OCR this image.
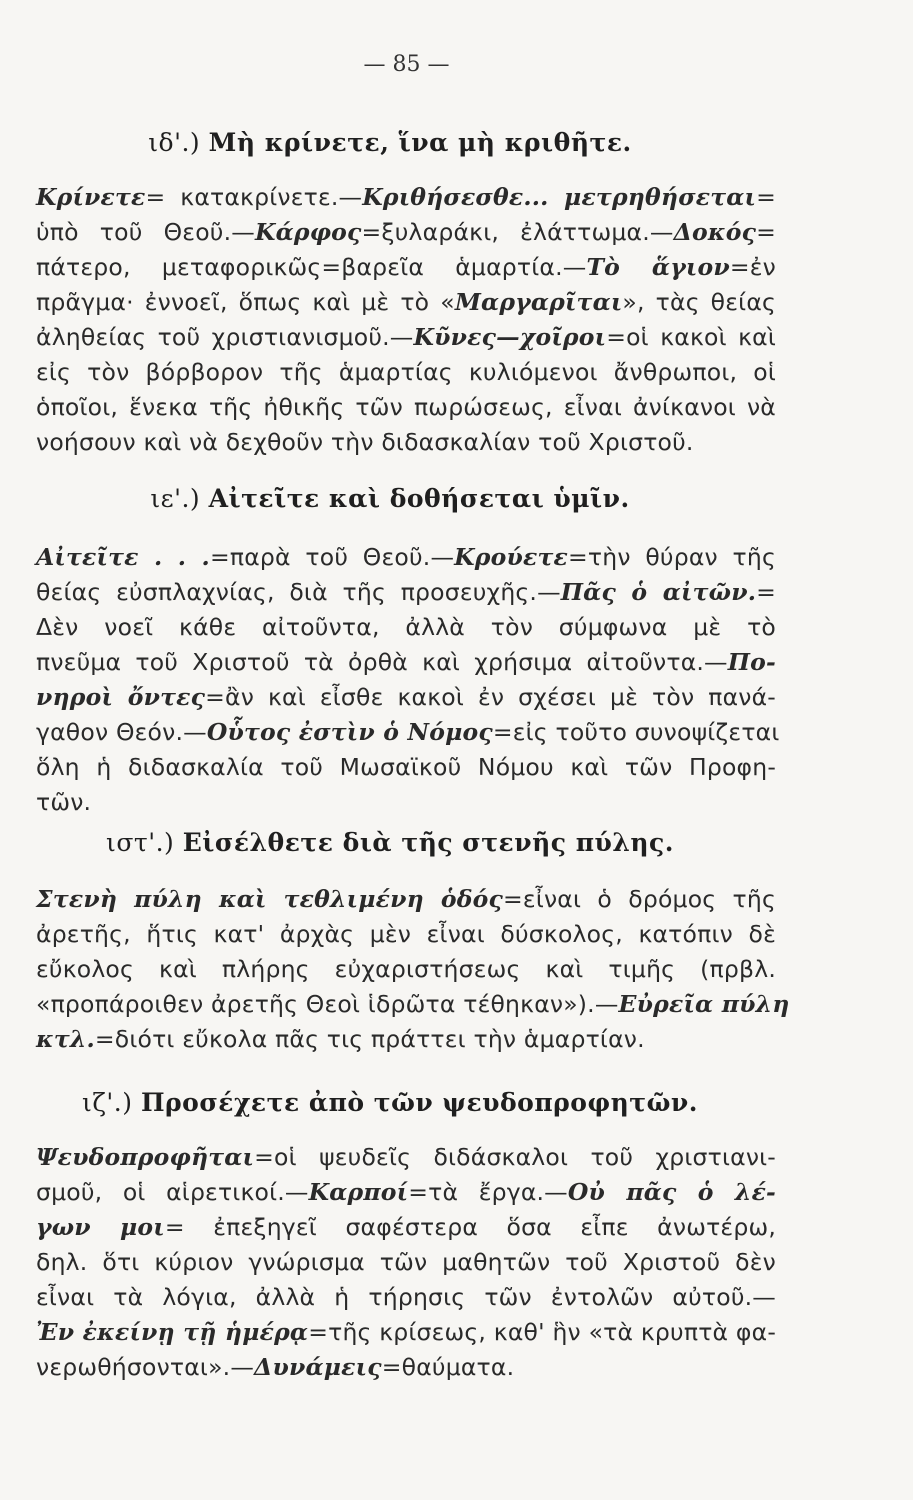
— 85 —
ιδ'.) Μὴ κρίνετε, ἵνα μὴ κριθῆτε.
Κρίνετε= κατακρίνετε.—Κριθήσεσθε... μετρηθήσεται=
ὑπὸ τοῦ Θεοῦ.—Κάρφος=ξυλαράκι, ἐλάττωμα.—Δοκός=
πάτερο, μεταφορικῶς=βαρεῖα ἁμαρτία.—Τὸ ἅγιον=ἐν
πρᾶγμα· ἐννοεῖ, ὅπως καὶ μὲ τὸ «Μαργαρῖται», τὰς θείας
ἀληθείας τοῦ χριστιανισμοῦ.—Κῦνες—χοῖροι=οἱ κακοὶ καὶ
εἰς τὸν βόρβορον τῆς ἁμαρτίας κυλιόμενοι ἄνθρωποι, οἱ
ὁποῖοι, ἕνεκα τῆς ἠθικῆς τῶν πωρώσεως, εἶναι ἀνίκανοι νὰ
νοήσουν καὶ νὰ δεχθοῦν τὴν διδασκαλίαν τοῦ Χριστοῦ.
ιε'.) Αἰτεῖτε καὶ δοθήσεται ὑμῖν.
Αἰτεῖτε . . .=παρὰ τοῦ Θεοῦ.—Κρούετε=τὴν θύραν τῆς
θείας εὐσπλαχνίας, διὰ τῆς προσευχῆς.—Πᾶς ὁ αἰτῶν.=
Δὲν νοεῖ κάθε αἰτοῦντα, ἀλλὰ τὸν σύμφωνα μὲ τὸ
πνεῦμα τοῦ Χριστοῦ τὰ ὀρθὰ καὶ χρήσιμα αἰτοῦντα.—Πο-
νηροὶ ὄντες=ἂν καὶ εἶσθε κακοὶ ἐν σχέσει μὲ τὸν πανά-
γαθον Θεόν.—Οὗτος ἐστὶν ὁ Νόμος=εἰς τοῦτο συνοψίζεται
ὅλη ἡ διδασκαλία τοῦ Μωσαϊκοῦ Νόμου καὶ τῶν Προφη-
τῶν.
ιστ'.) Εἰσέλθετε διὰ τῆς στενῆς πύλης.
Στενὴ πύλη καὶ τεθλιμένη ὁδός=εἶναι ὁ δρόμος τῆς
ἀρετῆς, ἥτις κατ' ἀρχὰς μὲν εἶναι δύσκολος, κατόπιν δὲ
εὔκολος καὶ πλήρης εὐχαριστήσεως καὶ τιμῆς (πρβλ.
«προπάροιθεν ἀρετῆς Θεοὶ ἱδρῶτα τέθηκαν»).—Εὐρεῖα πύλη
κτλ.=διότι εὔκολα πᾶς τις πράττει τὴν ἁμαρτίαν.
ιζ'.) Προσέχετε ἀπὸ τῶν ψευδοπροφητῶν.
Ψευδοπροφῆται=οἱ ψευδεῖς διδάσκαλοι τοῦ χριστιανι-
σμοῦ, οἱ αἱρετικοί.—Καρποί=τὰ ἔργα.—Οὐ πᾶς ὁ λέ-
γων μοι= ἐπεξηγεῖ σαφέστερα ὅσα εἶπε ἀνωτέρω,
δηλ. ὅτι κύριον γνώρισμα τῶν μαθητῶν τοῦ Χριστοῦ δὲν
εἶναι τὰ λόγια, ἀλλὰ ἡ τήρησις τῶν ἐντολῶν αὐτοῦ.—
Ἐν ἐκείνῃ τῇ ἡμέρᾳ=τῆς κρίσεως, καθ' ἣν «τὰ κρυπτὰ φα-
νερωθήσονται».—Δυνάμεις=θαύματα.
